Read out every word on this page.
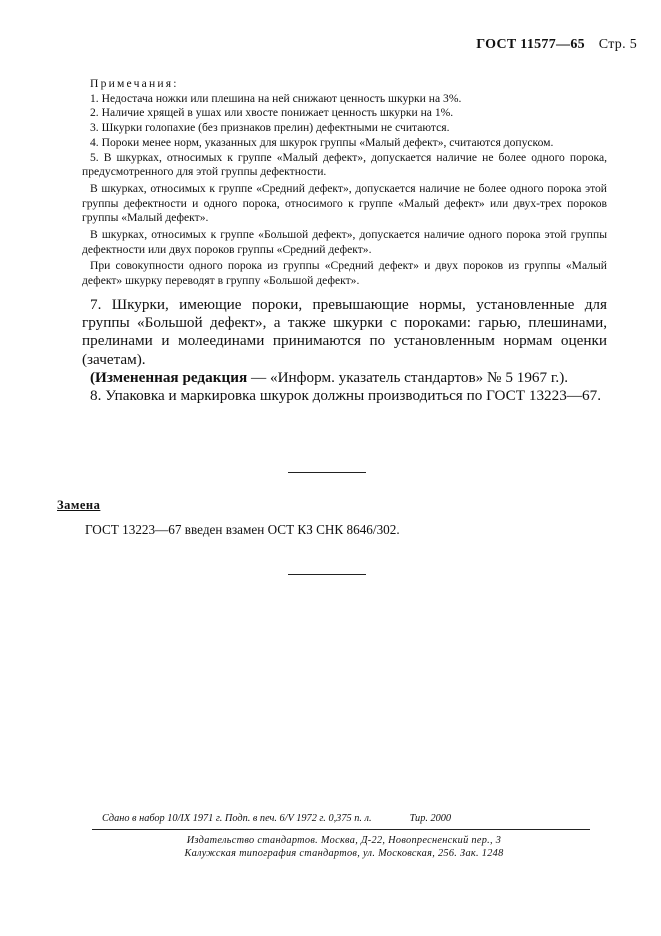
ГОСТ 11577—65 Стр. 5

Примечания:

1. Недостача ножки или плешина на ней снижают ценность шкурки на 3%.

2. Наличие хрящей в ушах или хвосте понижает ценность шкурки на 1%.

3. Шкурки голопахие (без признаков прелин) дефектными не считаются.

4. Пороки менее норм, указанных для шкурок группы «Малый дефект», считаются допуском.

5. В шкурках, относимых к группе «Малый дефект», допускается наличие не более одного порока, предусмотренного для этой группы дефектности.

В шкурках, относимых к группе «Средний дефект», допускается наличие не более одного порока этой группы дефектности и одного порока, относимого к группе «Малый дефект» или двух-трех пороков группы «Малый дефект».

В шкурках, относимых к группе «Большой дефект», допускается наличие одного порока этой группы дефектности или двух пороков группы «Средний дефект».

При совокупности одного порока из группы «Средний дефект» и двух пороков из группы «Малый дефект» шкурку переводят в группу «Большой дефект».

7. Шкурки, имеющие пороки, превышающие нормы, установленные для группы «Большой дефект», а также шкурки с пороками: гарью, плешинами, прелинами и молеединами принимаются по установленным нормам оценки (зачетам).

(Измененная редакция — «Информ. указатель стандартов» № 5 1967 г.).

8. Упаковка и маркировка шкурок должны производиться по ГОСТ 13223—67.

Замена
ГОСТ 13223—67 введен взамен ОСТ КЗ СНК 8646/302.
Сдано в набор 10/IX 1971 г. Подп. в печ. 6/V 1972 г. 0,375 п. л.	Тир. 2000
Издательство стандартов. Москва, Д-22, Новопресненский пер., 3
Калужская типография стандартов, ул. Московская, 256. Зак. 1248
